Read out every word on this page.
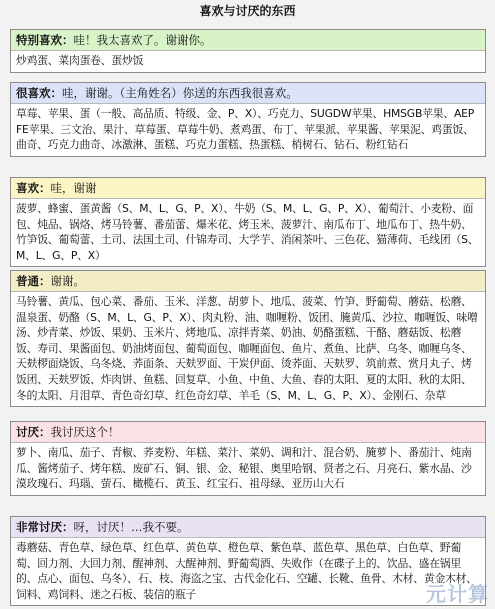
喜欢与讨厌的东西
特别喜欢：哇！我太喜欢了。谢谢你。
炒鸡蛋、菜肉蛋卷、蛋炒饭
很喜欢：哇，谢谢。（主角姓名）你送的东西我很喜欢。
草莓、苹果、蛋（一般、高品质、特级、金、P、X）、巧克力、SUGDW苹果、HMSGB苹果、AEPFE苹果、三文治、果汁、草莓蛋、草莓牛奶、煮鸡蛋、布丁、苹果派、苹果酱、苹果泥、鸡蛋饭、曲奇、巧克力曲奇、冰激淋、蛋糕、巧克力蛋糕、热蛋糕、梢树石、钻石、粉红钻石
喜欢：哇，谢谢
菠萝、蜂蜜、蛋黄酱（S、M、L、G、P、X）、牛奶（S、M、L、G、P、X）、葡萄汁、小麦粉、面包、炖品、锅烙、烤马铃薯、番茄蕾、爆米花、烤玉米、菠萝汁、南瓜布丁、地瓜布丁、热牛奶、竹笋饭、葡萄蕾、土司、法国土司、什锦寿司、大学芋、消闲茶叶、三色花、猫薄荷、毛线团（S、M、L、G、P、X）
普通：谢谢。
马铃薯、黄瓜、包心菜、番茄、玉米、洋葱、胡萝卜、地瓜、菠菜、竹笋、野葡萄、蘑菇、松蘑、温泉蛋、奶酪（S、M、L、G、P、X）、肉丸粉、油、咖喱粉、饭团、腌黄瓜、沙拉、咖喱饭、味噌汤、炒青菜、炒饭、果奶、玉米片、烤地瓜、凉拌青菜、奶油、奶酪蛋糕、干酪、蘑菇饭、松蘑饭、寿司、果酱面包、奶油烤面包、葡萄面包、咖喱面包、鱼片、煮鱼、比萨、乌冬、咖喱乌冬、天麸椤面烧饭、乌冬烧、荞面条、天麸罗面、干炭伊面、烫荞面、天麸罗、筑前煮、赏月丸子、烤饭团、天麸罗饭、炸肉饼、鱼糕、回复草、小鱼、中鱼、大鱼、春的太阳、夏的太阳、秋的太阳、冬的太阳、月泪草、青色奇幻草、红色奇幻草、羊毛（S、M、L、G、P、X）、金刚石、杂草
讨厌：我讨厌这个！
萝卜、南瓜、茄子、青椒、荞麦粉、年糕、菜汁、菜奶、调和汁、混合奶、腌萝卜、番茄汁、炖南瓜、酱烤茄子、烤年糕、废矿石、铜、银、金、秘银、奥里哈钢、贤者之石、月亮石、紫水晶、沙漠玫瑰石、玛瑙、萤石、橄榄石、黄玉、红宝石、祖母绿、亚历山大石
非常讨厌：呀，讨厌！…我不要。
毒蘑菇、青色草、绿色草、红色草、黄色草、橙色草、紫色草、蓝色草、黑色草、白色草、野葡萄、回力剂、大回力剂、醒神剂、大醒神剂、野葡萄酒、失败作（在碟子上的、饮品、盛在锅里的、点心、面包、乌冬）、石、枝、海盗之宝、古代金化石、空罐、长靴、鱼骨、木材、黄金木材、饲料、鸡饲料、迷之石板、装信的瓶子	元计算
